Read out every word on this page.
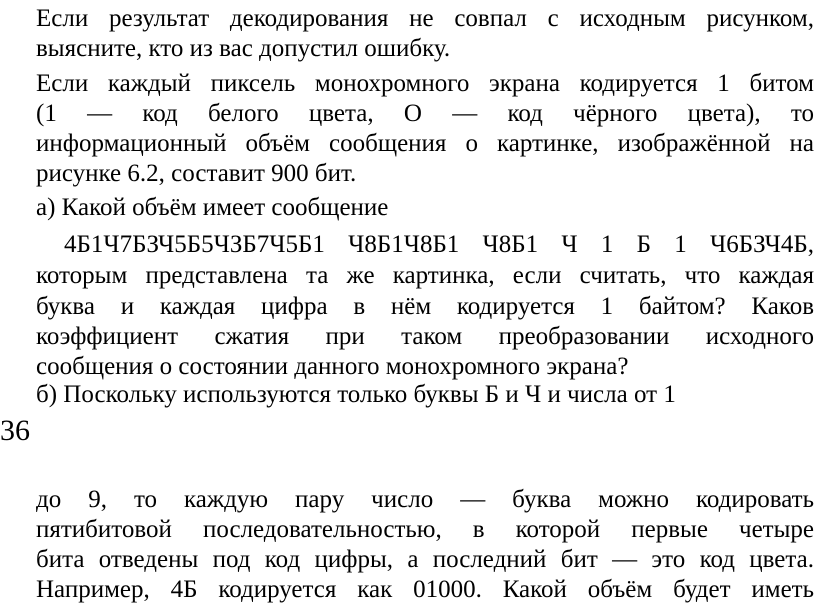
Если результат декодирования не совпал с исходным рисунком,

выясните, кто из вас допустил ошибку.

Если каждый пиксель монохромного экрана кодируется 1 битом

(1 — код белого цвета, О — код чёрного цвета), то

информационный объём сообщения о картинке, изображённой на

рисунке 6.2, составит 900 бит.

а) Какой объём имеет сообщение

4Б1Ч7БЗЧ5Б5ЧЗБ7Ч5Б1 Ч8Б1Ч8Б1 Ч8Б1 Ч 1 Б 1 Ч6БЗЧ4Б,

которым представлена та же картинка, если считать, что каждая

буква и каждая цифра в нём кодируется 1 байтом? Каков

коэффициент сжатия при таком преобразовании исходного

сообщения о состоянии данного монохромного экрана?

б) Поскольку используются только буквы Б и Ч и числа от 1

36

до 9, то каждую пару число — буква можно кодировать

пятибитовой последовательностью, в которой первые четыре

бита отведены под код цифры, а последний бит — это код цвета.

Например, 4Б кодируется как 01000. Какой объём будет иметь
